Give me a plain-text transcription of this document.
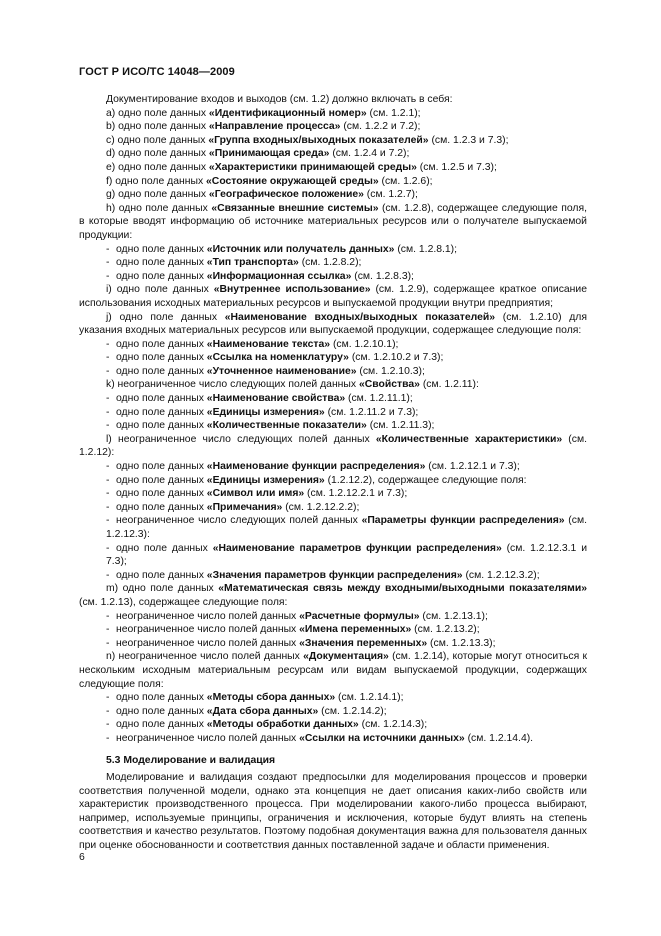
ГОСТ Р ИСО/ТС 14048—2009

Документирование входов и выходов (см. 1.2) должно включать в себя:

a) одно поле данных «Идентификационный номер» (см. 1.2.1);

b) одно поле данных «Направление процесса» (см. 1.2.2 и 7.2);

c) одно поле данных «Группа входных/выходных показателей» (см. 1.2.3 и 7.3);

d) одно поле данных «Принимающая среда» (см. 1.2.4 и 7.2);

e) одно поле данных «Характеристики принимающей среды» (см. 1.2.5 и 7.3);

f) одно поле данных «Состояние окружающей среды» (см. 1.2.6);

g) одно поле данных «Географическое положение» (см. 1.2.7);

h) одно поле данных «Связанные внешние системы» (см. 1.2.8), содержащее следующие поля, в которые вводят информацию об источнике материальных ресурсов или о получателе выпускаемой продукции:

- одно поле данных «Источник или получатель данных» (см. 1.2.8.1);

- одно поле данных «Тип транспорта» (см. 1.2.8.2);

- одно поле данных «Информационная ссылка» (см. 1.2.8.3);

i) одно поле данных «Внутреннее использование» (см. 1.2.9), содержащее краткое описание использования исходных материальных ресурсов и выпускаемой продукции внутри предприятия;

j) одно поле данных «Наименование входных/выходных показателей» (см. 1.2.10) для указания входных материальных ресурсов или выпускаемой продукции, содержащее следующие поля:

- одно поле данных «Наименование текста» (см. 1.2.10.1);

- одно поле данных «Ссылка на номенклатуру» (см. 1.2.10.2 и 7.3);

- одно поле данных «Уточненное наименование» (см. 1.2.10.3);

k) неограниченное число следующих полей данных «Свойства» (см. 1.2.11):

- одно поле данных «Наименование свойства» (см. 1.2.11.1);

- одно поле данных «Единицы измерения» (см. 1.2.11.2 и 7.3);

- одно поле данных «Количественные показатели» (см. 1.2.11.3);

l) неограниченное число следующих полей данных «Количественные характеристики» (см. 1.2.12):

- одно поле данных «Наименование функции распределения» (см. 1.2.12.1 и 7.3);

- одно поле данных «Единицы измерения» (1.2.12.2), содержащее следующие поля:

- одно поле данных «Символ или имя» (см. 1.2.12.2.1 и 7.3);

- одно поле данных «Примечания» (см. 1.2.12.2.2);

- неограниченное число следующих полей данных «Параметры функции распределения» (см. 1.2.12.3):

- одно поле данных «Наименование параметров функции распределения» (см. 1.2.12.3.1 и 7.3);

- одно поле данных «Значения параметров функции распределения» (см. 1.2.12.3.2);

m) одно поле данных «Математическая связь между входными/выходными показателями» (см. 1.2.13), содержащее следующие поля:

- неограниченное число полей данных «Расчетные формулы» (см. 1.2.13.1);

- неограниченное число полей данных «Имена переменных» (см. 1.2.13.2);

- неограниченное число полей данных «Значения переменных» (см. 1.2.13.3);

n) неограниченное число полей данных «Документация» (см. 1.2.14), которые могут относиться к нескольким исходным материальным ресурсам или видам выпускаемой продукции, содержащих следующие поля:

- одно поле данных «Методы сбора данных» (см. 1.2.14.1);

- одно поле данных «Дата сбора данных» (см. 1.2.14.2);

- одно поле данных «Методы обработки данных» (см. 1.2.14.3);

- неограниченное число полей данных «Ссылки на источники данных» (см. 1.2.14.4).

5.3 Моделирование и валидация

Моделирование и валидация создают предпосылки для моделирования процессов и проверки соответствия полученной модели, однако эта концепция не дает описания каких-либо свойств или характеристик производственного процесса. При моделировании какого-либо процесса выбирают, например, используемые принципы, ограничения и исключения, которые будут влиять на степень соответствия и качество результатов. Поэтому подобная документация важна для пользователя данных при оценке обоснованности и соответствия данных поставленной задаче и области применения.

6
